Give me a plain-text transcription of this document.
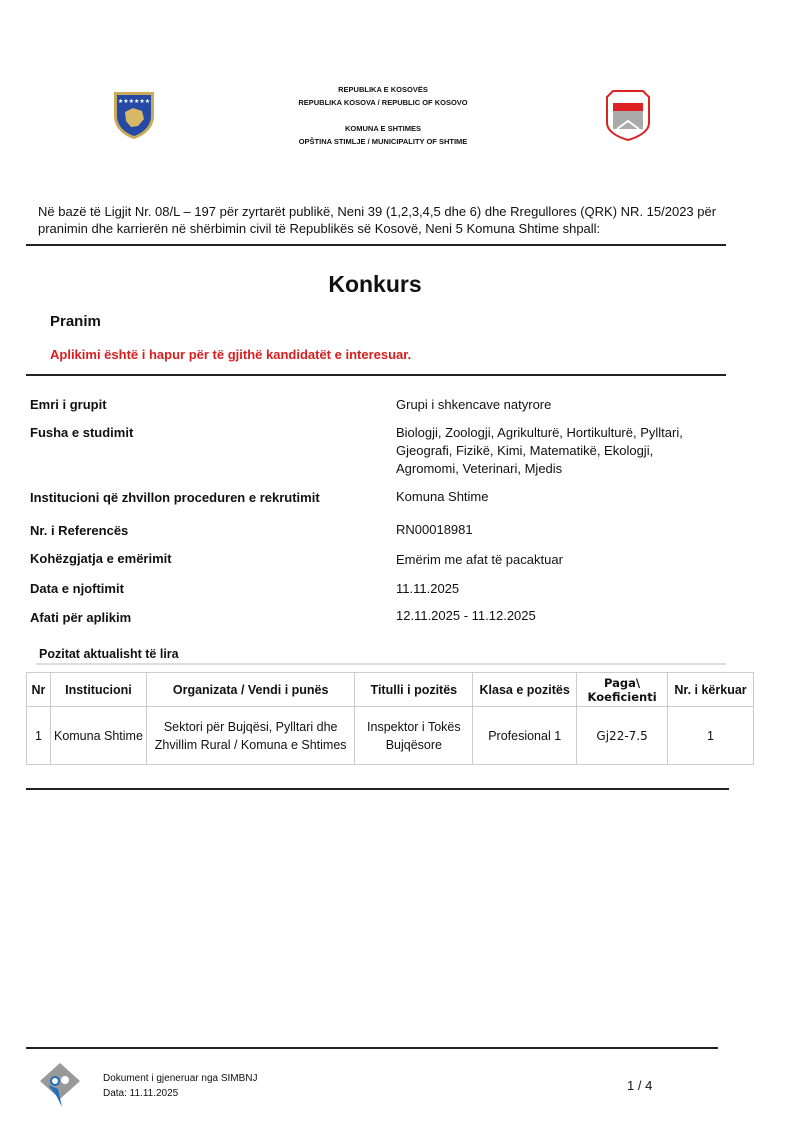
★★★★★★
REPUBLIKA E KOSOVËS
REPUBLIKA KOSOVA / REPUBLIC OF KOSOVO
KOMUNA E SHTIMES
OPŠTINA STIMLJE / MUNICIPALITY OF SHTIME
Në bazë të Ligjit Nr. 08/L – 197 për zyrtarët publikë, Neni 39 (1,2,3,4,5 dhe 6) dhe Rregullores (QRK) NR. 15/2023 për pranimin dhe karrierën në shërbimin civil të Republikës së Kosovë, Neni 5 Komuna Shtime shpall:
Konkurs
Pranim
Aplikimi është i hapur për të gjithë kandidatët e interesuar.
Emri i grupit	Grupi i shkencave natyrore
Fusha e studimit	Biologji, Zoologji, Agrikulturë, Hortikulturë, Pylltari, Gjeografi, Fizikë, Kimi, Matematikë, Ekologji, Agromomi, Veterinari, Mjedis
Institucioni që zhvillon proceduren e rekrutimit	Komuna Shtime
Nr. i Referencës	RN00018981
Kohëzgjatja e emërimit	Emërim me afat të pacaktuar
Data e njoftimit	11.11.2025
Afati për aplikim	12.11.2025 - 11.12.2025
Pozitat aktualisht të lira
Nr	Institucioni	Organizata / Vendi i punës	Titulli i pozitës	Klasa e pozitës	Paga\ Koeficienti	Nr. i kërkuar
1	Komuna Shtime	Sektori për Bujqësi, Pylltari dhe Zhvillim Rural / Komuna e Shtimes	Inspektor i Tokës Bujqësore	Profesional 1	Gj22-7.5	1
Dokument i gjeneruar nga SIMBNJ
Data: 11.11.2025
1 / 4
